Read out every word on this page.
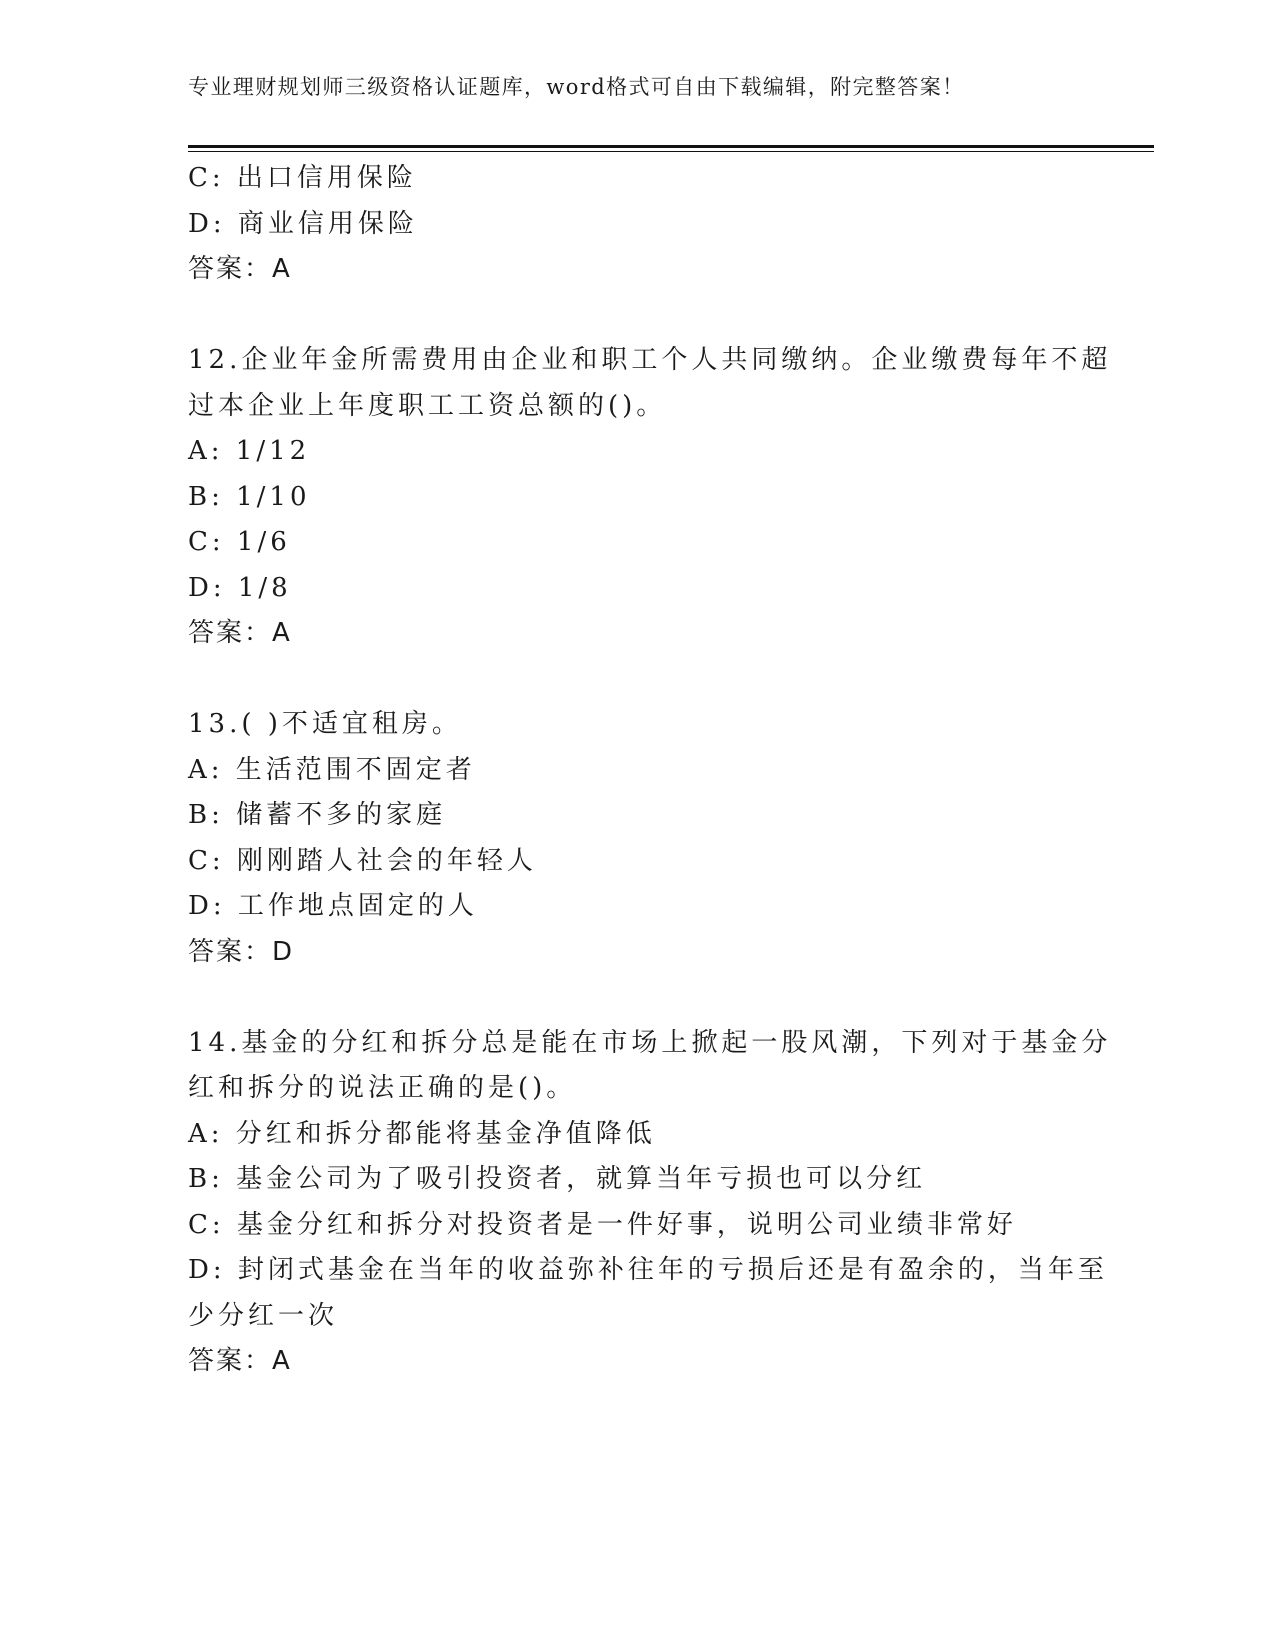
专业理财规划师三级资格认证题库，word格式可自由下载编辑，附完整答案！
C: 出口信用保险
D: 商业信用保险
答案：A
12.企业年金所需费用由企业和职工个人共同缴纳。企业缴费每年不超
过本企业上年度职工工资总额的()。
A: 1/12
B: 1/10
C: 1/6
D: 1/8
答案：A
13.( )不适宜租房。
A: 生活范围不固定者
B: 储蓄不多的家庭
C: 刚刚踏人社会的年轻人
D: 工作地点固定的人
答案：D
14.基金的分红和拆分总是能在市场上掀起一股风潮，下列对于基金分
红和拆分的说法正确的是()。
A: 分红和拆分都能将基金净值降低
B: 基金公司为了吸引投资者，就算当年亏损也可以分红
C: 基金分红和拆分对投资者是一件好事，说明公司业绩非常好
D: 封闭式基金在当年的收益弥补往年的亏损后还是有盈余的，当年至
少分红一次
答案：A
